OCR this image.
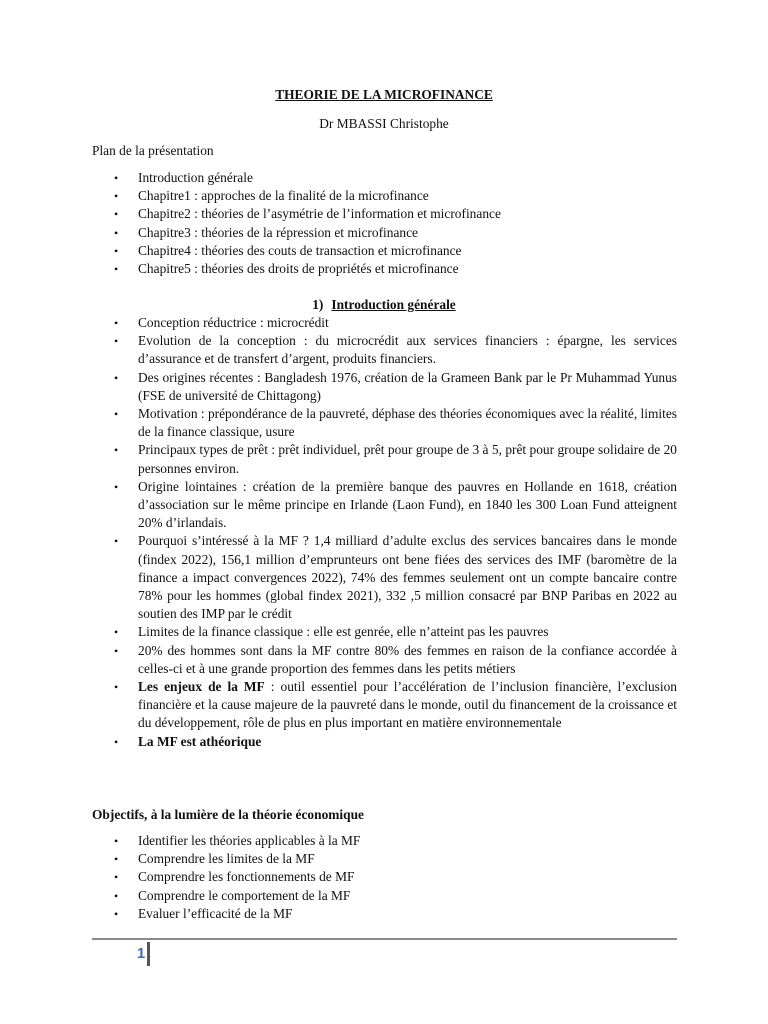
THEORIE DE LA MICROFINANCE
Dr MBASSI Christophe
Plan de la présentation
•	Introduction générale
•	Chapitre1 : approches de la finalité de la microfinance
•	Chapitre2 : théories de l’asymétrie de l’information et microfinance
•	Chapitre3 : théories de la répression et microfinance
•	Chapitre4 : théories des couts de transaction et microfinance
•	Chapitre5 : théories des droits de propriétés et microfinance
1) Introduction générale
•	Conception réductrice : microcrédit
•	Evolution de la conception : du microcrédit aux services financiers : épargne, les services d’assurance et de transfert d’argent, produits financiers.
•	Des origines récentes : Bangladesh 1976, création de la Grameen Bank par le Pr Muhammad Yunus (FSE de université de Chittagong)
•	Motivation : prépondérance de la pauvreté, déphase des théories économiques avec la réalité, limites de la finance classique, usure
•	Principaux types de prêt : prêt individuel, prêt pour groupe de 3 à 5, prêt pour groupe solidaire de 20 personnes environ.
•	Origine lointaines : création de la première banque des pauvres en Hollande en 1618, création d’association sur le même principe en Irlande (Laon Fund), en 1840 les 300 Loan Fund atteignent 20% d’irlandais.
•	Pourquoi s’intéressé à la MF ? 1,4 milliard d’adulte exclus des services bancaires dans le monde (findex 2022), 156,1 million d’emprunteurs ont bene fiées des services des IMF (baromètre de la finance a impact convergences 2022), 74% des femmes seulement ont un compte bancaire contre 78% pour les hommes (global findex 2021), 332 ,5 million consacré par BNP Paribas en 2022 au soutien des IMP par le crédit
•	Limites de la finance classique : elle est genrée, elle n’atteint pas les pauvres
•	20% des hommes sont dans la MF contre 80% des femmes en raison de la confiance accordée à celles-ci et à une grande proportion des femmes dans les petits métiers
•	Les enjeux de la MF : outil essentiel pour l’accélération de l’inclusion financière, l’exclusion financière et la cause majeure de la pauvreté dans le monde, outil du financement de la croissance et du développement, rôle de plus en plus important en matière environnementale
•	La MF est athéorique
Objectifs, à la lumière de la théorie économique
•	Identifier les théories applicables à la MF
•	Comprendre les limites de la MF
•	Comprendre les fonctionnements de MF
•	Comprendre le comportement de la MF
•	Evaluer l’efficacité de la MF
1
